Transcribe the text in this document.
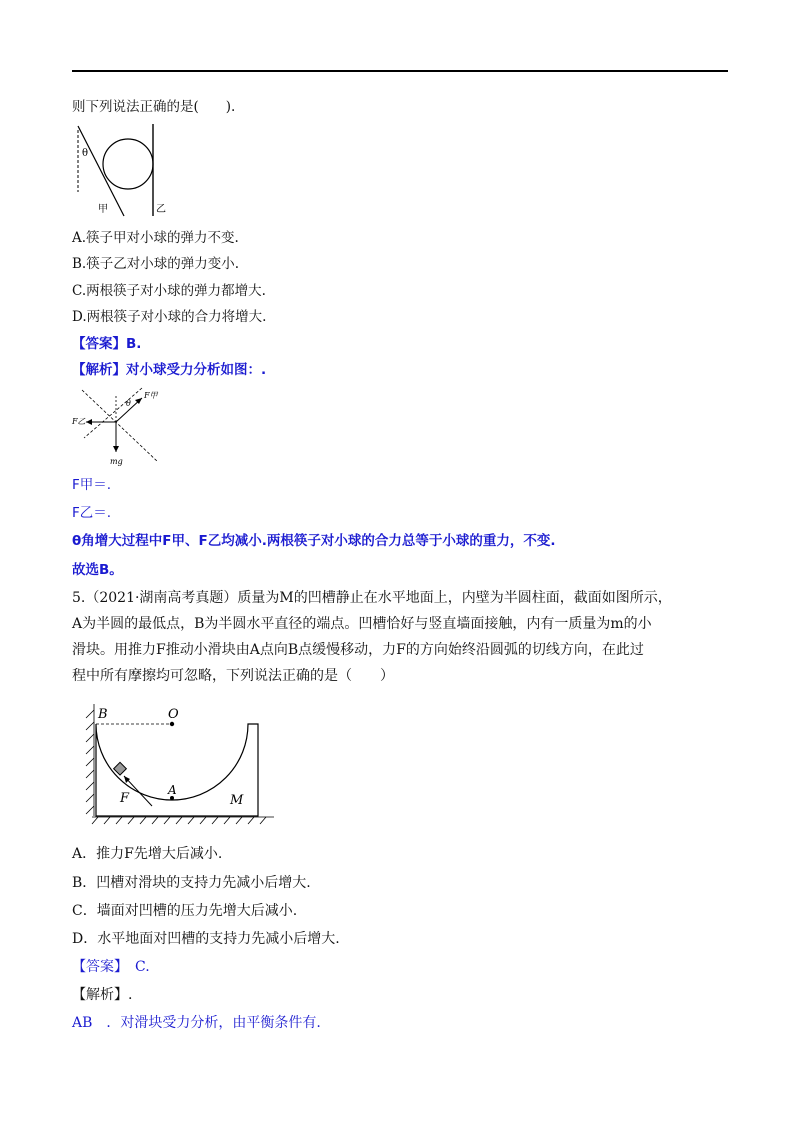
则下列说法正确的是(　　).
θ
甲	乙
A.筷子甲对小球的弹力不变.
B.筷子乙对小球的弹力变小.
C.两根筷子对小球的弹力都增大.
D.两根筷子对小球的合力将增大.
【答案】B.
【解析】对小球受力分析如图：.
F甲
F乙
θ
mg
F甲＝.
F乙＝.
θ角增大过程中F甲、F乙均减小.两根筷子对小球的合力总等于小球的重力，不变.
故选B。
5.（2021·湖南高考真题）质量为M的凹槽静止在水平地面上，内壁为半圆柱面，截面如图所示，
A为半圆的最低点，B为半圆水平直径的端点。凹槽恰好与竖直墙面接触，内有一质量为m的小
滑块。用推力F推动小滑块由A点向B点缓慢移动，力F的方向始终沿圆弧的切线方向，在此过
程中所有摩擦均可忽略，下列说法正确的是（　　）
B	O
A
F	M
A．推力F先增大后减小.
B．凹槽对滑块的支持力先减小后增大.
C．墙面对凹槽的压力先增大后减小.
D．水平地面对凹槽的支持力先减小后增大.
【答案】　C.
【解析】.
AB　．对滑块受力分析，由平衡条件有.
